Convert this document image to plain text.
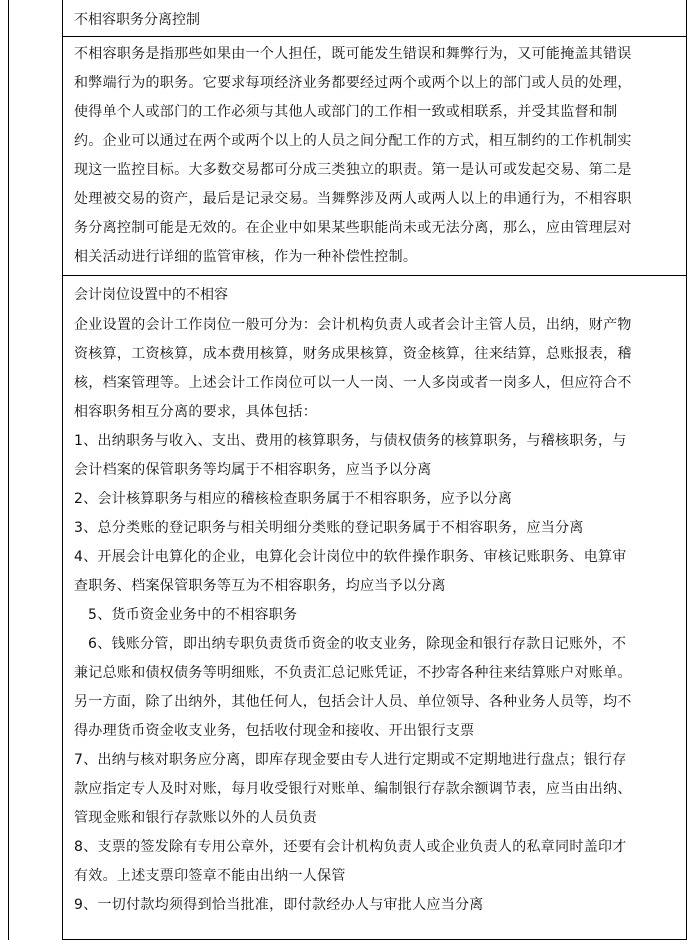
不相容职务分离控制
不相容职务是指那些如果由一个人担任，既可能发生错误和舞弊行为，又可能掩盖其错误
和弊端行为的职务。它要求每项经济业务都要经过两个或两个以上的部门或人员的处理，
使得单个人或部门的工作必须与其他人或部门的工作相一致或相联系，并受其监督和制
约。企业可以通过在两个或两个以上的人员之间分配工作的方式，相互制约的工作机制实
现这一监控目标。大多数交易都可分成三类独立的职责。第一是认可或发起交易、第二是
处理被交易的资产，最后是记录交易。当舞弊涉及两人或两人以上的串通行为，不相容职
务分离控制可能是无效的。在企业中如果某些职能尚未或无法分离，那么，应由管理层对
相关活动进行详细的监管审核，作为一种补偿性控制。
会计岗位设置中的不相容
企业设置的会计工作岗位一般可分为：会计机构负责人或者会计主管人员，出纳，财产物
资核算，工资核算，成本费用核算，财务成果核算，资金核算，往来结算，总账报表，稽
核，档案管理等。上述会计工作岗位可以一人一岗、一人多岗或者一岗多人，但应符合不
相容职务相互分离的要求，具体包括：
1、出纳职务与收入、支出、费用的核算职务，与债权债务的核算职务，与稽核职务，与
会计档案的保管职务等均属于不相容职务，应当予以分离
2、会计核算职务与相应的稽核检查职务属于不相容职务，应予以分离
3、总分类账的登记职务与相关明细分类账的登记职务属于不相容职务，应当分离
4、开展会计电算化的企业，电算化会计岗位中的软件操作职务、审核记账职务、电算审
查职务、档案保管职务等互为不相容职务，均应当予以分离
5、货币资金业务中的不相容职务
6、钱账分管，即出纳专职负责货币资金的收支业务，除现金和银行存款日记账外，不
兼记总账和债权债务等明细账，不负责汇总记账凭证，不抄寄各种往来结算账户对账单。
另一方面，除了出纳外，其他任何人，包括会计人员、单位领导、各种业务人员等，均不
得办理货币资金收支业务，包括收付现金和接收、开出银行支票
7、出纳与核对职务应分离，即库存现金要由专人进行定期或不定期地进行盘点；银行存
款应指定专人及时对账，每月收受银行对账单、编制银行存款余额调节表，应当由出纳、
管现金账和银行存款账以外的人员负责
8、支票的签发除有专用公章外，还要有会计机构负责人或企业负责人的私章同时盖印才
有效。上述支票印签章不能由出纳一人保管
9、一切付款均须得到恰当批准，即付款经办人与审批人应当分离
